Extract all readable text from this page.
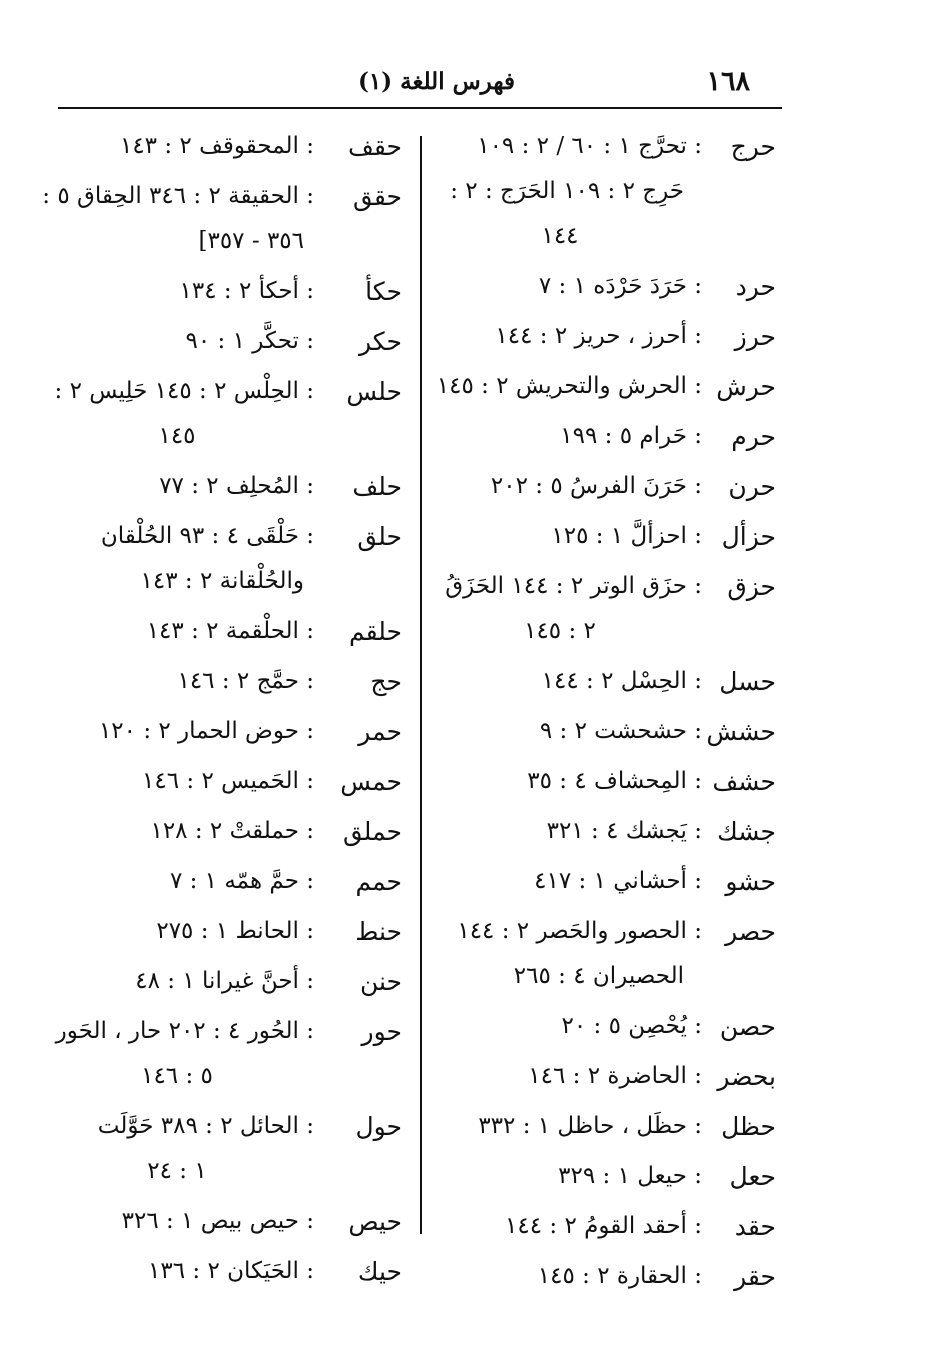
١٦٨
فهرس اللغة (١)
حرج
: تحرَّج ١ : ٦٠ / ٢ : ١٠٩
حَرِج ٢ : ١٠٩ الحَرَج : ٢ :
١٤٤
حرد
: حَرَدَ حَرْدَه ١ : ٧
حرز
: أحرز ، حريز ٢ : ١٤٤
حرش
: الحرش والتحريش ٢ : ١٤٥
حرم
: حَرام ٥ : ١٩٩
حرن
: حَرَنَ الفرسُ ٥ : ٢٠٢
حزأل
: احزألَّ ١ : ١٢٥
حزق
: حزَق الوتر ٢ : ١٤٤ الحَزَقُ
٢ : ١٤٥
حسل
: الحِسْل ٢ : ١٤٤
حشش
: حشحشت ٢ : ٩
حشف
: المِحشاف ٤ : ٣٥
جشك
: يَجشك ٤ : ٣٢١
حشو
: أحشاني ١ : ٤١٧
حصر
: الحصور والحَصر ٢ : ١٤٤
الحصيران ٤ : ٢٦٥
حصن
: يُحْصِن ٥ : ٢٠
بحضر
: الحاضرة ٢ : ١٤٦
حظل
: حظَل ، حاظل ١ : ٣٣٢
حعل
: حيعل ١ : ٣٢٩
حقد
: أحقد القومُ ٢ : ١٤٤
حقر
: الحقارة ٢ : ١٤٥
حقف
: المحقوقف ٢ : ١٤٣
حقق
: الحقيقة ٢ : ٣٤٦ الحِقاق ٥ :
٣٥٦ - ٣٥٧]
حكأ
: أحكأ ٢ : ١٣٤
حكر
: تحكَّر ١ : ٩٠
حلس
: الحِلْس ٢ : ١٤٥ حَلِيس ٢ :
١٤٥
حلف
: المُحلِف ٢ : ٧٧
حلق
: حَلْقَى ٤ : ٩٣ الحُلْقان
والحُلْقانة ٢ : ١٤٣
حلقم
: الحلْقمة ٢ : ١٤٣
حج
: حمَّج ٢ : ١٤٦
حمر
: حوض الحمار ٢ : ١٢٠
حمس
: الحَميس ٢ : ١٤٦
حملق
: حملقتْ ٢ : ١٢٨
حمم
: حمَّ همّه ١ : ٧
حنط
: الحانط ١ : ٢٧٥
حنن
: أحنَّ غيرانا ١ : ٤٨
حور
: الحُور ٤ : ٢٠٢ حار ، الحَور
٥ : ١٤٦
حول
: الحائل ٢ : ٣٨٩ حَوَّلَت
١ : ٢٤
حيص
: حيص بيص ١ : ٣٢٦
حيك
: الحَيَكان ٢ : ١٣٦
